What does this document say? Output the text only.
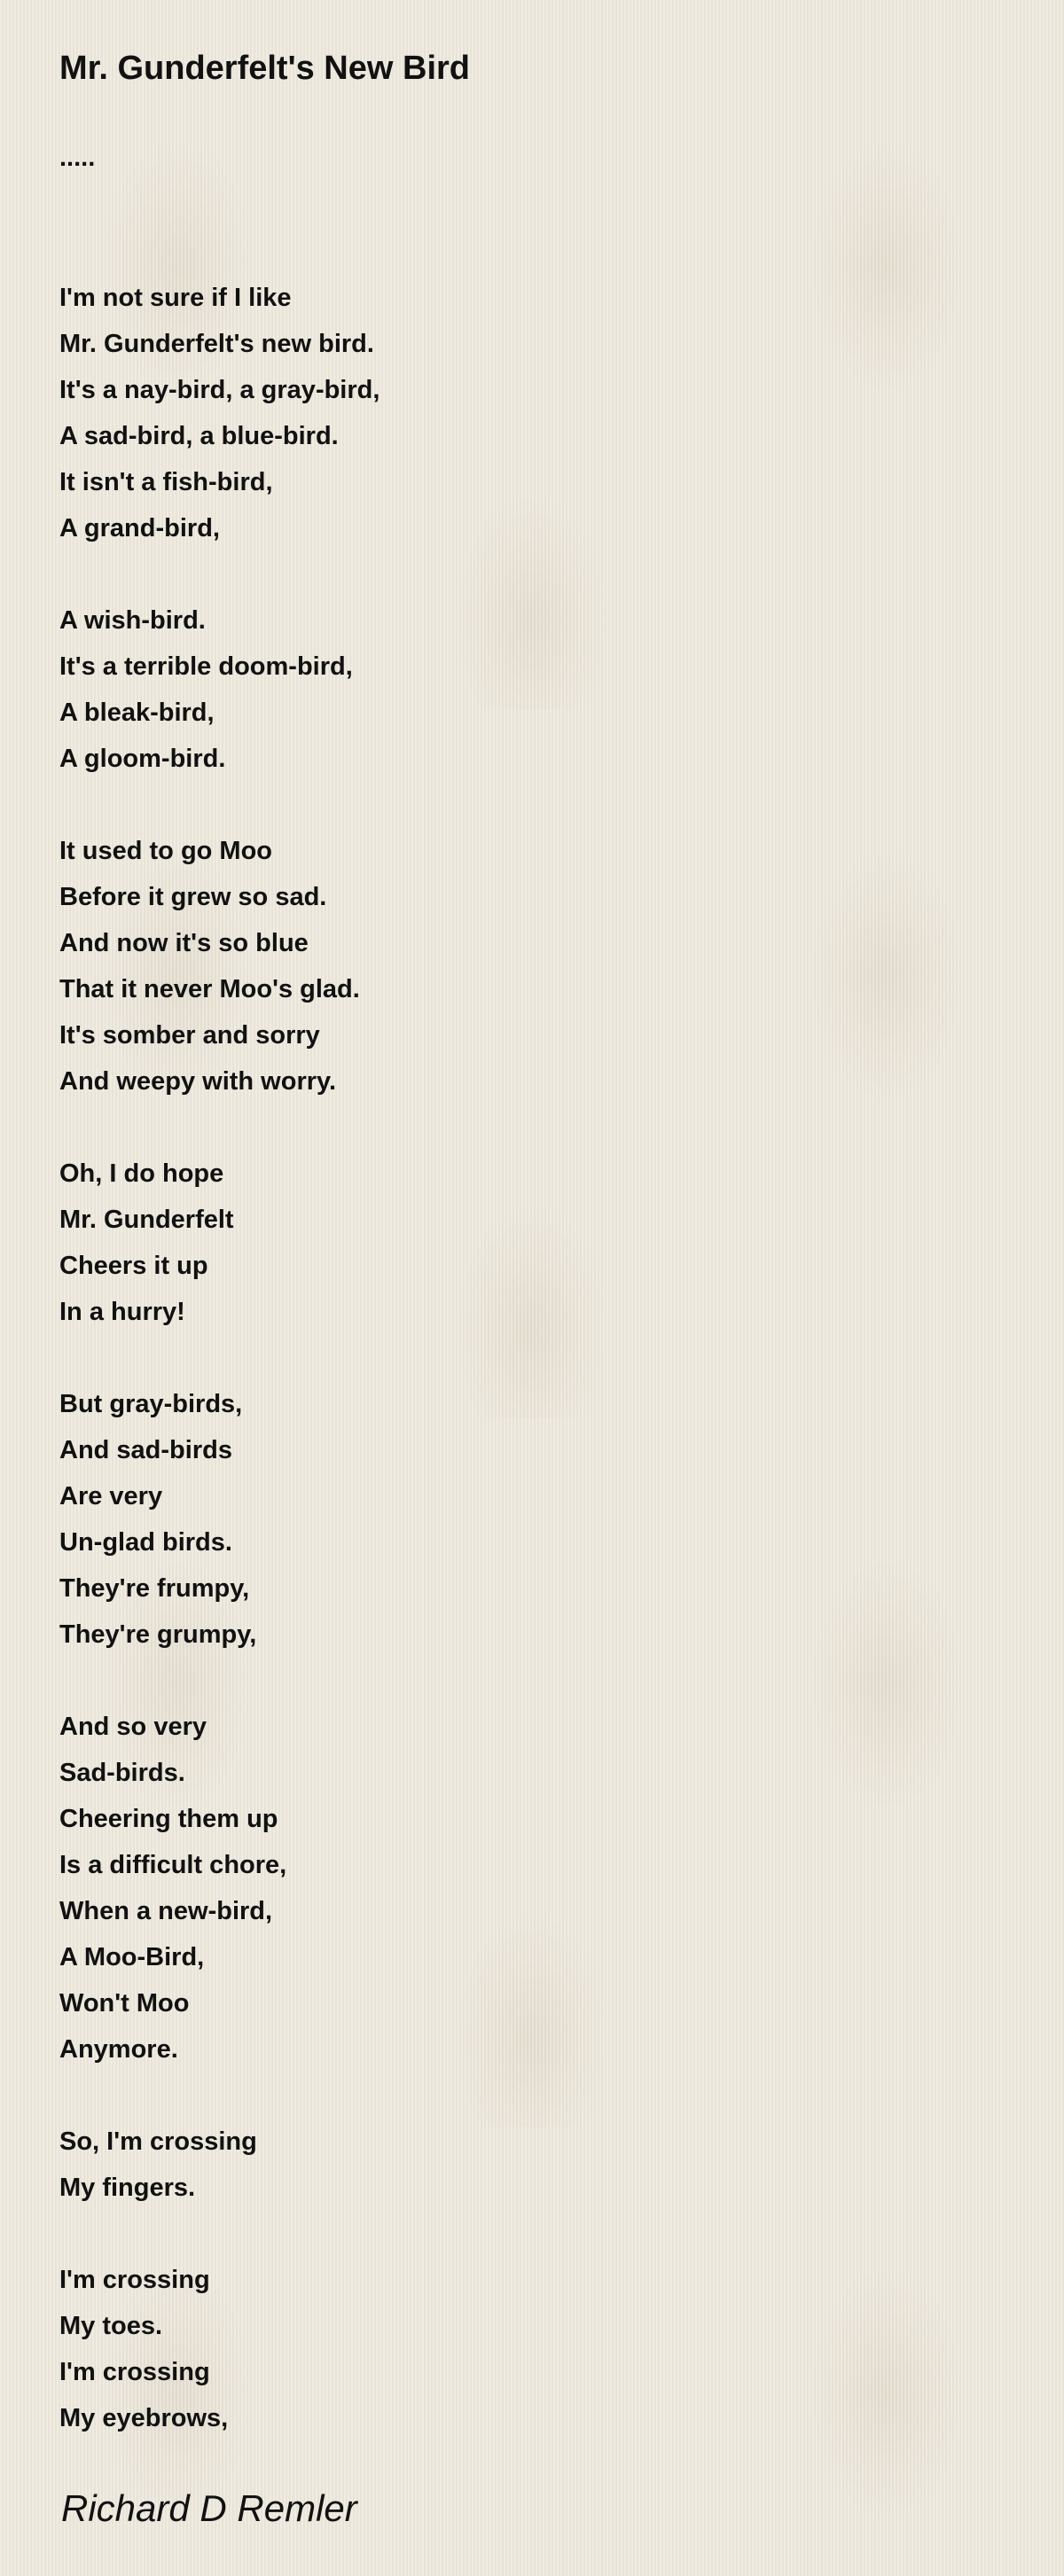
Mr. Gunderfelt's New Bird

.....

I'm not sure if I like
Mr. Gunderfelt's new bird.
It's a nay-bird, a gray-bird,
A sad-bird, a blue-bird.
It isn't a fish-bird,
A grand-bird,
A wish-bird.
It's a terrible doom-bird,
A bleak-bird,
A gloom-bird.
It used to go Moo
Before it grew so sad.
And now it's so blue
That it never Moo's glad.
It's somber and sorry
And weepy with worry.
Oh, I do hope
Mr. Gunderfelt
Cheers it up
In a hurry!
But gray-birds,
And sad-birds
Are very
Un-glad birds.
They're frumpy,
They're grumpy,
And so very
Sad-birds.
Cheering them up
Is a difficult chore,
When a new-bird,
A Moo-Bird,
Won't Moo
Anymore.
So, I'm crossing
My fingers.
I'm crossing
My toes.
I'm crossing
My eyebrows,

Richard D Remler
